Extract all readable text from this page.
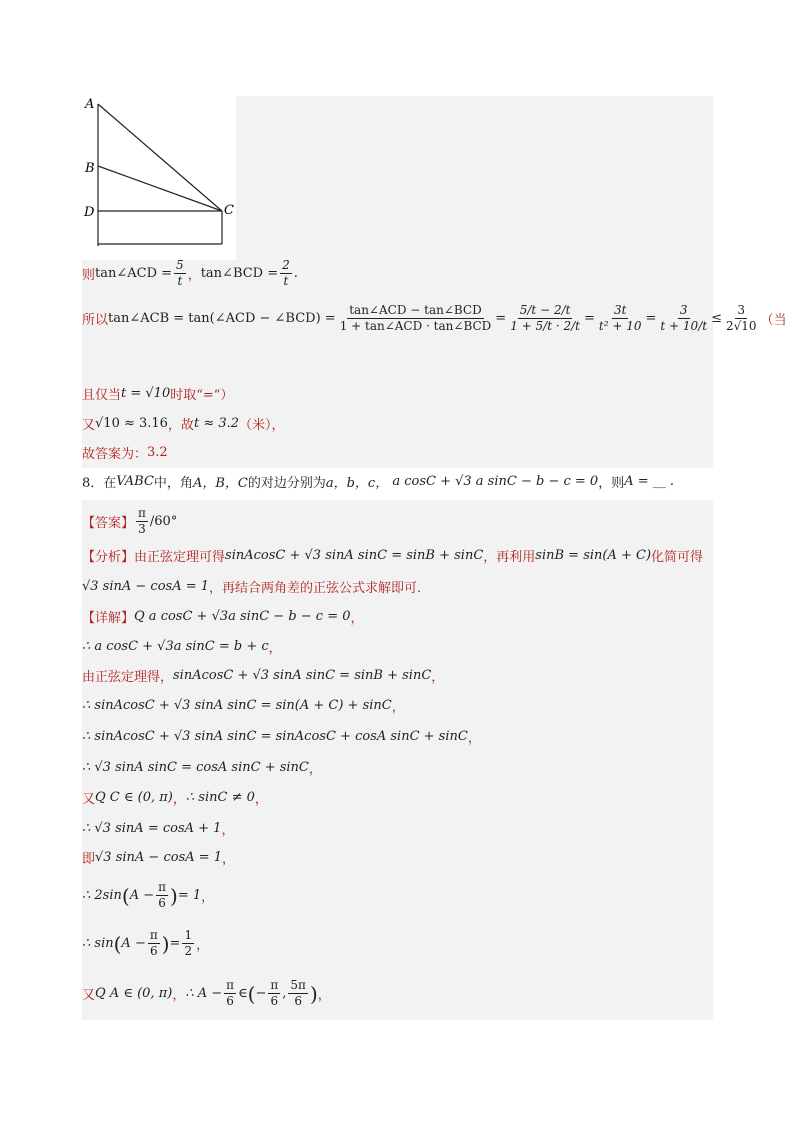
A
B
D	C
则 tan∠ACD = $\frac{5}{t}$ ， tan∠BCD = $\frac{2}{t}$ .
所以 tan∠ACB = tan(∠ACD − ∠BCD) = $\frac{\text{tan∠ACD − tan∠BCD}}{\text{1 + tan∠ACD · tan∠BCD}} = \frac{5/t - 2/t}{1 + 5/t \cdot 2/t} = \frac{3t}{\text{t² + 10}} = \frac{3}{t + 10/t} \le \frac{3}{2√10}$ （当
且仅当 t = √10 时取“=”）
又 √10 ≈ 3.16 ，故 t ≈ 3.2 （米），
故答案为： 3.2
8．在 VABC 中，角 A，B，C 的对边分别为 a，b，c，
a cosC + √3 a sinC − b − c = 0 ，则 A = __ .
【答案】 $\frac{\pi}{3} /60^\circ$
【分析】 由正弦定理可得 sinAcosC + √3 sinA sinC = sinB + sinC ，再利用 sinB = sin(A + C) 化简可得
√3 sinA − cosA = 1 ，再结合两角差的正弦公式求解即可．
【详解】 Q a cosC + √3a sinC − b − c = 0 ，
∴ a cosC + √3a sinC = b + c ，
由正弦定理得， sinAcosC + √3 sinA sinC = sinB + sinC ，
∴ sinAcosC + √3 sinA sinC = sin(A + C) + sinC ，
∴ sinAcosC + √3 sinA sinC = sinAcosC + cosA sinC + sinC ，
∴ √3 sinA sinC = cosA sinC + sinC ，
又 Q C ∈ (0, π) ， ∴ sinC ≠ 0 ，
∴ √3 sinA = cosA + 1 ，
即 √3 sinA − cosA = 1 ，
∴ 2sin ( $A - \frac{\pi}{6}$ ) = 1 ，
∴ sin ( $A - \frac{\pi}{6}$ ) = $\frac{1}{2}$ ，
又 Q A ∈ (0, π) ， ∴ $A - \frac{\pi}{6}$ ∈ ( − $\frac{\pi}{6}$ , $\frac{5\pi}{6}$ ) ，
